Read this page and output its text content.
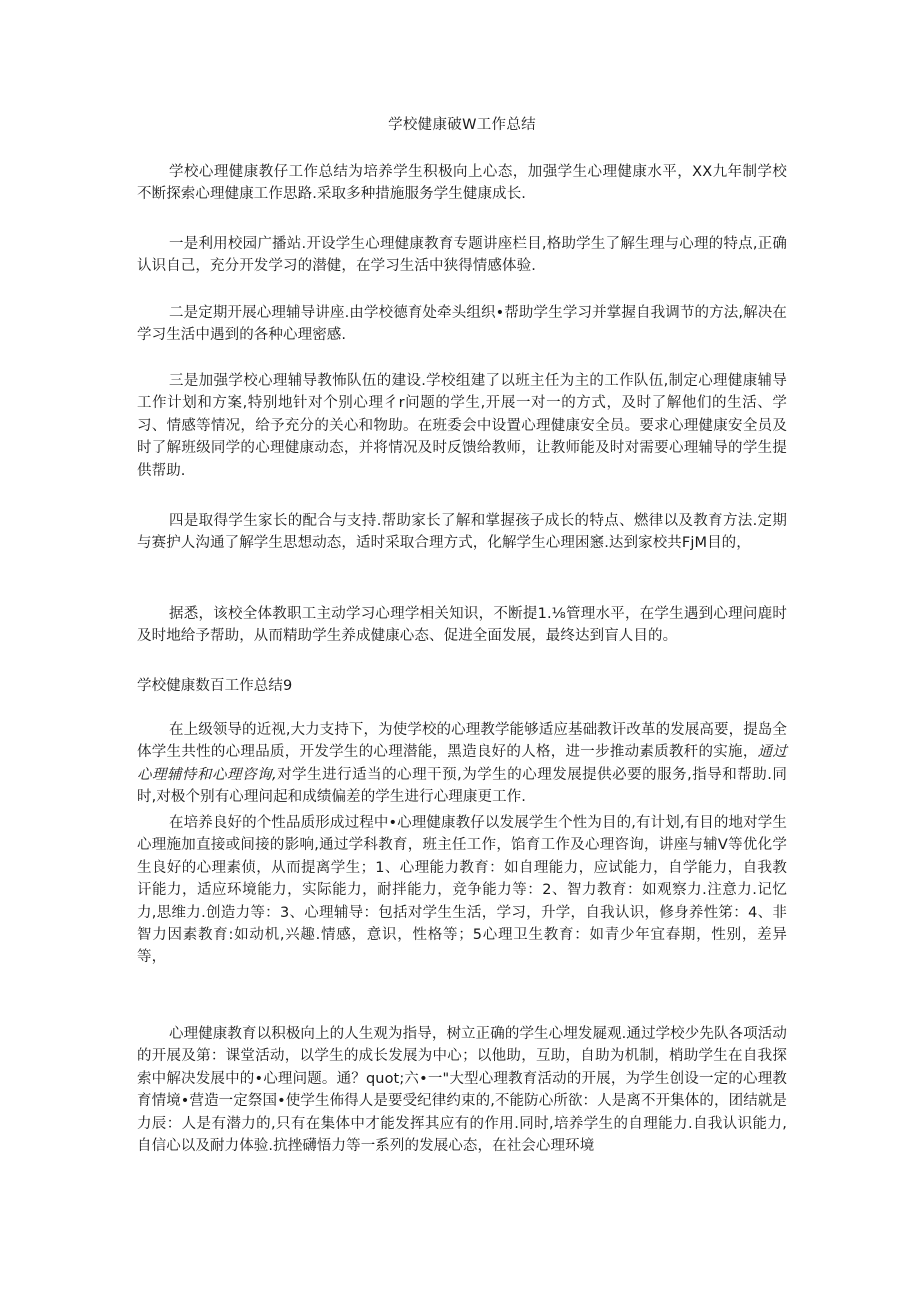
学校健康破W工作总结

学校心理健康教仔工作总结为培养学生积极向上心态，加强学生心理健康水平，XX九年制学校不断探索心理健康工作思路.采取多种措施服务学生健康成长.

一是利用校园广播站.开设学生心理健康教育专题讲座栏目,格助学生了解生理与心理的特点,正确认识自己，充分开发学习的潜健，在学习生活中狭得情感体验.

二是定期开展心理辅导讲座.由学校德育处牵头组织•帮助学生学习并掌握自我调节的方法,解决在学习生活中遇到的各种心理密感.

三是加强学校心理辅导教怖队伍的建设.学校组建了以班主任为主的工作队伍,制定心理健康辅导工作计划和方案,特别地针对个别心理彳r问题的学生,开展一对一的方式，及时了解他们的生活、学习、情感等情况，给予充分的关心和物助。在班委会中设置心理健康安全员。要求心理健康安全员及时了解班级同学的心理健康动态，并将情况及时反馈给教师，让教师能及时对需要心理辅导的学生提供帮助.

四是取得学生家长的配合与支持.帮助家长了解和掌握孩子成长的特点、燃律以及教育方法.定期与赛护人沟通了解学生思想动态，适时采取合理方式，化解学生心理困窸.达到家校共FjM目的，

据悉，该校全体教职工主动学习心理学相关知识，不断提1.⅛管理水平，在学生遇到心理问鹿时及时地给予帮助，从而精助学生养成健康心态、促进全面发展，最终达到盲人目的。

学校健康数百工作总结9

在上级领导的近视,大力支持下，为使学校的心理教学能够适应基础教讦改革的发展高要，提岛全体学生共性的心理品质，开发学生的心理潜能，黑造良好的人格，进一步推动素质教秆的实施，通过心理辅恃和心理咨询,对学生进行适当的心理干预,为学生的心理发展提供必要的服务,指导和帮助.同时,对极个别有心理问起和成绩偏差的学生进行心理康更工作.

在培养良好的个性品质形成过程中•心理健康教仔以发展学生个性为目的,有计划,有目的地对学生心理施加直接或间接的影响,通过学科教育，班主任工作，馅育工作及心理咨询，讲座与辅V等优化学生良好的心理素侦，从而提离学生；1、心理能力教育：如自理能力，应试能力，自学能力，自我教讦能力，适应环境能力，实际能力，耐拌能力，竞争能力等：2、智力教育：如观察力.注意力.记忆力,思维力.创造力等：3、心理辅导：包括对学生生活，学习，升学，自我认识，修身养性笫：4、非智力因素教育:如动机,兴趣.情感，意识，性格等；5心理卫生教育：如青少年宜春期，性别，差异等，

心理健康教育以积极向上的人生观为指导，树立正确的学生心埋发屣观.通过学校少先队各项活动的开展及第：课堂活动，以学生的成长发展为中心；以他助，互助，自助为机制，梢助学生在自我探索中解决发展中的•心理问题。通？quot;六•一"大型心理教育活动的开展，为学生创设一定的心理教育情境•营造一定祭国•使学生佈得人是要受纪律约束的,不能防心所欲：人是离不开集体的，团结就是力辰：人是有潜力的,只有在集体中才能发挥其应有的作用.同时,培养学生的自理能力.自我认识能力,自信心以及耐力体验.抗挫礴悟力等一系列的发展心态，在社会心理环境
